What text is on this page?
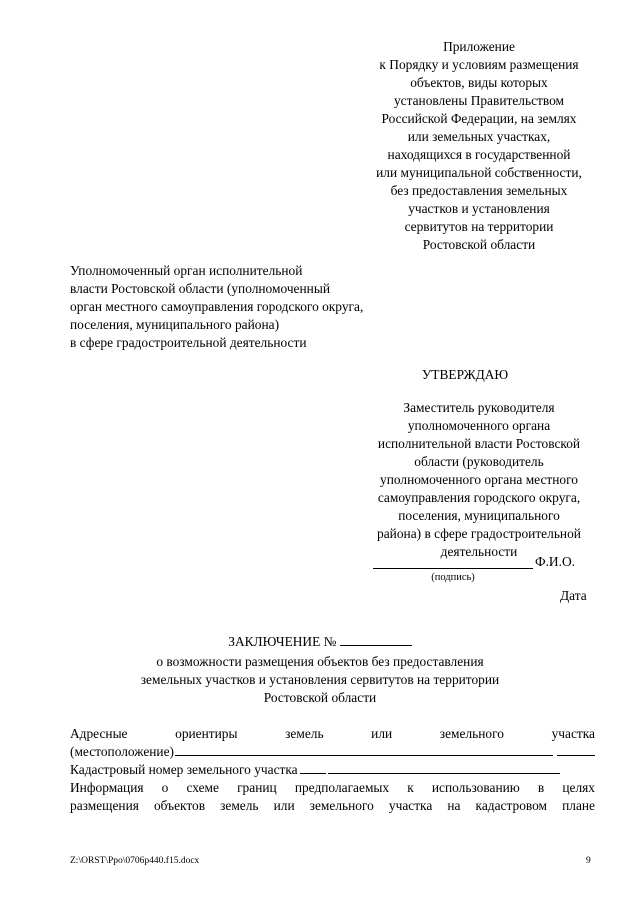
Приложение
к Порядку и условиям размещения
объектов, виды которых
установлены Правительством
Российской Федерации, на землях
или земельных участках,
находящихся в государственной
или муниципальной собственности,
без предоставления земельных
участков и установления
сервитутов на территории
Ростовской области
Уполномоченный орган исполнительной
власти Ростовской области (уполномоченный
орган местного самоуправления городского округа,
поселения, муниципального района)
в сфере градостроительной деятельности
УТВЕРЖДАЮ
Заместитель руководителя
уполномоченного органа
исполнительной власти Ростовской
области (руководитель
уполномоченного органа местного
самоуправления городского округа,
поселения, муниципального
района) в сфере градостроительной
деятельности
Ф.И.О.
(подпись)
Дата
ЗАКЛЮЧЕНИЕ №
о возможности размещения объектов без предоставления
земельных участков и установления сервитутов на территории
Ростовской области
Адресные ориентиры земель или земельного участка
(местоположение)
Кадастровый номер земельного участка
Информация о схеме границ предполагаемых к использованию в целях
размещения объектов земель или земельного участка на кадастровом плане
Z:\ORST\Ppo\0706p440.f15.docx	9
